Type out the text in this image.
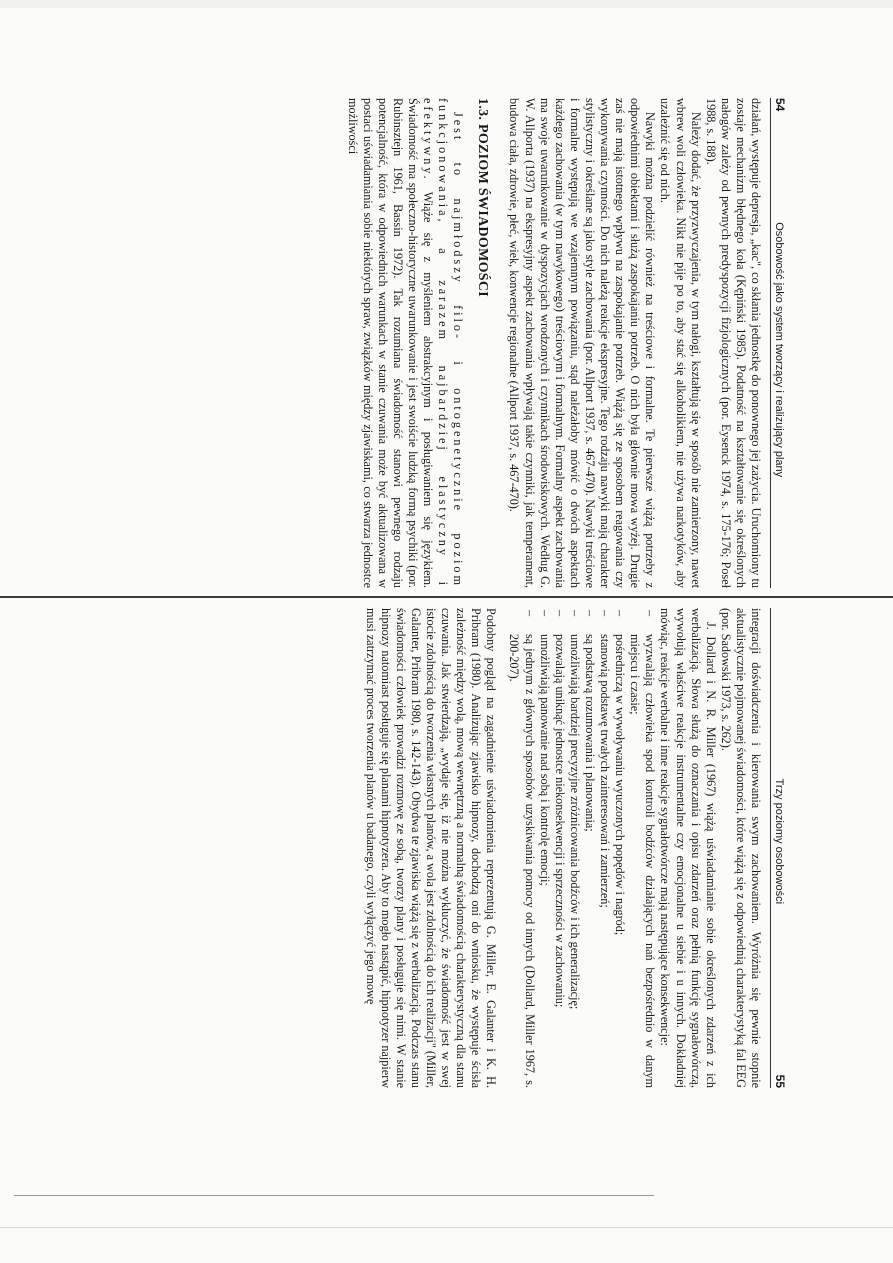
54
Osobowość jako system tworzący i realizujący plany

działań, występuje depresja, „kac", co skłania jednostkę do ponownego jej zażycia. Uruchomiony tu zostaje mechanizm błędnego koła (Kępiński 1985). Podatność na kształtowanie się określonych nałogów zależy od pewnych predyspozycji fizjologicznych (por. Eysenck 1974, s. 175-176; Poseł 1988, s. 188).

Należy dodać, że przyzwyczajenia, w tym nałogi, kształtują się w sposób nie zamierzony, nawet wbrew woli człowieka. Nikt nie pije po to, aby stać się alkoholikiem, nie używa narkotyków, aby uzależnić się od nich.

Nawyki można podzielić również na treściowe i formalne. Te pierwsze wiążą potrzeby z odpowiednimi obiektami i służą zaspokajaniu potrzeb. O nich była głównie mowa wyżej. Drugie zaś nie mają istotnego wpływu na zaspokajanie potrzeb. Wiążą się ze sposobem reagowania czy wykonywania czynności. Do nich należą reakcje ekspresyjne. Tego rodzaju nawyki mają charakter stylistyczny i określane są jako style zachowania (por. Allport 1937, s. 467-470). Nawyki treściowe i formalne występują we wzajemnym powiązaniu, stąd należałoby mówić o dwóch aspektach każdego zachowania (w tym nawykowego) treściowym i formalnym. Formalny aspekt zachowania ma swoje uwarunkowanie w dyspozycjach wrodzonych i czynnikach środowiskowych. Według G. W. Allporta (1937) na ekspresyjny aspekt zachowania wpływają takie czynniki, jak temperament, budowa ciała, zdrowie, płeć, wiek, konwencje regionalne (Allport 1937, s. 467-470).

1.3. POZIOM ŚWIADOMOŚCI

Jest to najmłodszy filo- i ontogenetycznie poziom funkcjonowania, a zarazem najbardziej elastyczny i efektywny. Wiąże się z myśleniem abstrakcyjnym i posługiwaniem się językiem. Świadomość ma społeczno-historyczne uwarunkowanie i jest swoiście ludzką formą psychiki (por. Rubinsztejn 1961, Bassin 1972). Tak rozumiana świadomość stanowi pewnego rodzaju potencjalność, która w odpowiednich warunkach w stanie czuwania może być aktualizowana w postaci uświadamiania sobie niektórych spraw, związków między zjawiskami, co stwarza jednostce możliwości

Trzy poziomy osobowości
55

integracji doświadczenia i kierowania swym zachowaniem. Wyróżnia się pewnie stopnie aktualistycznie pojmowanej świadomości, które wiążą się z odpowiednią charakterystyką fal EEG (por. Sadowski 1973, s. 262).

J. Dollard i N. R. Miller (1967) wiążą uświadamianie sobie określonych zdarzeń z ich werbalizacją. Słowa służą do oznaczania i opisu zdarzeń oraz pełnią funkcję sygnałowórczą, wywołują właściwe reakcje instrumentalne czy emocjonalne u siebie i u innych. Dokładniej mówiąc, reakcje werbalne i inne reakcje sygnałotwórcze mają następujące konsekwencje:

– wyzwalają człowieka spod kontroli bodźców działających nań bezpośrednio w danym miejscu i czasie;
– pośredniczą w wywoływaniu wyuczonych popędów i nagród;
– stanowią podstawę trwałych zainteresowań i zamierzeń;
– są podstawą rozumowania i planowania;
– umożliwiają bardziej precyzyjne zróżnicowania bodźców i ich generalizację;
– pozwalają uniknąć jednostce niekonsekwencji i sprzeczności w zachowaniu;
– umożliwiają panowanie nad sobą i kontrolę emocji;
– są jednym z głównych sposobów uzyskiwania pomocy od innych (Dollard, Miller 1967, s. 200-207).

Podobny pogląd na zagadnienie uświadomienia reprezentują G. Miller, E. Galanter i K. H. Pribram (1980). Analizując zjawisko hipnozy, dochodzą oni do wniosku, że występuje ścisła zależność między wolą, mową wewnętrzną a normalną świadomością charakterystyczną dla stanu czuwania. Jak stwierdzają, „wydaje się, iż nie można wykluczyć, że świadomość jest w swej istocie zdolnością do tworzenia własnych planów, a wola jest zdolnością do ich realizacji" (Miller, Galanter, Pribram 1980, s. 142-143). Obydwa te zjawiska wiążą się z werbalizacją. Podczas stanu świadomości człowiek prowadzi rozmowę ze sobą, tworzy plany i posługuje się nimi. W stanie hipnozy natomiast posługuje się planami hipnotyzera. Aby to mogło nastąpić, hipnotyzer najpierw musi zatrzymać proces tworzenia planów u badanego, czyli wyłączyć jego mowę
